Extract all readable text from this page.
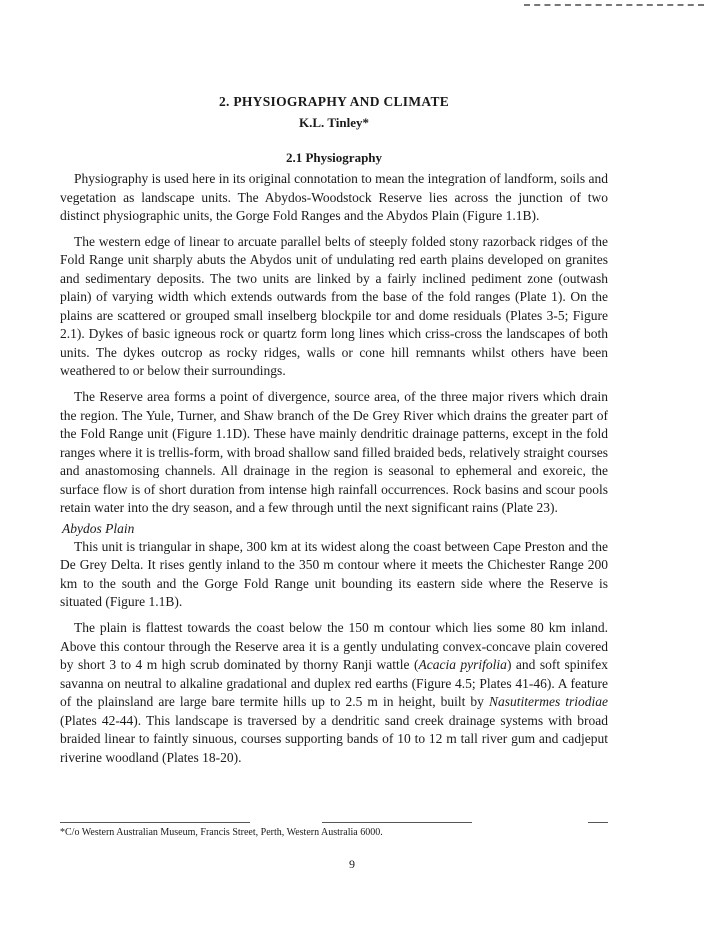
2. PHYSIOGRAPHY AND CLIMATE
K.L. Tinley*
2.1 Physiography

Physiography is used here in its original connotation to mean the integration of landform, soils and vegetation as landscape units. The Abydos-Woodstock Reserve lies across the junction of two distinct physiographic units, the Gorge Fold Ranges and the Abydos Plain (Figure 1.1B).

The western edge of linear to arcuate parallel belts of steeply folded stony razorback ridges of the Fold Range unit sharply abuts the Abydos unit of undulating red earth plains developed on granites and sedimentary deposits. The two units are linked by a fairly inclined pediment zone (outwash plain) of varying width which extends outwards from the base of the fold ranges (Plate 1). On the plains are scattered or grouped small inselberg blockpile tor and dome residuals (Plates 3-5; Figure 2.1). Dykes of basic igneous rock or quartz form long lines which criss-cross the landscapes of both units. The dykes outcrop as rocky ridges, walls or cone hill remnants whilst others have been weathered to or below their surroundings.

The Reserve area forms a point of divergence, source area, of the three major rivers which drain the region. The Yule, Turner, and Shaw branch of the De Grey River which drains the greater part of the Fold Range unit (Figure 1.1D). These have mainly dendritic drainage patterns, except in the fold ranges where it is trellis-form, with broad shallow sand filled braided beds, relatively straight courses and anastomosing channels. All drainage in the region is seasonal to ephemeral and exoreic, the surface flow is of short duration from intense high rainfall occurrences. Rock basins and scour pools retain water into the dry season, and a few through until the next significant rains (Plate 23).

Abydos Plain

This unit is triangular in shape, 300 km at its widest along the coast between Cape Preston and the De Grey Delta. It rises gently inland to the 350 m contour where it meets the Chichester Range 200 km to the south and the Gorge Fold Range unit bounding its eastern side where the Reserve is situated (Figure 1.1B).

The plain is flattest towards the coast below the 150 m contour which lies some 80 km inland. Above this contour through the Reserve area it is a gently undulating convex-concave plain covered by short 3 to 4 m high scrub dominated by thorny Ranji wattle (Acacia pyrifolia) and soft spinifex savanna on neutral to alkaline gradational and duplex red earths (Figure 4.5; Plates 41-46). A feature of the plainsland are large bare termite hills up to 2.5 m in height, built by Nasutitermes triodiae (Plates 42-44). This landscape is traversed by a dendritic sand creek drainage systems with broad braided linear to faintly sinuous, courses supporting bands of 10 to 12 m tall river gum and cadjeput riverine woodland (Plates 18-20).

*C/o Western Australian Museum, Francis Street, Perth, Western Australia 6000.
9
